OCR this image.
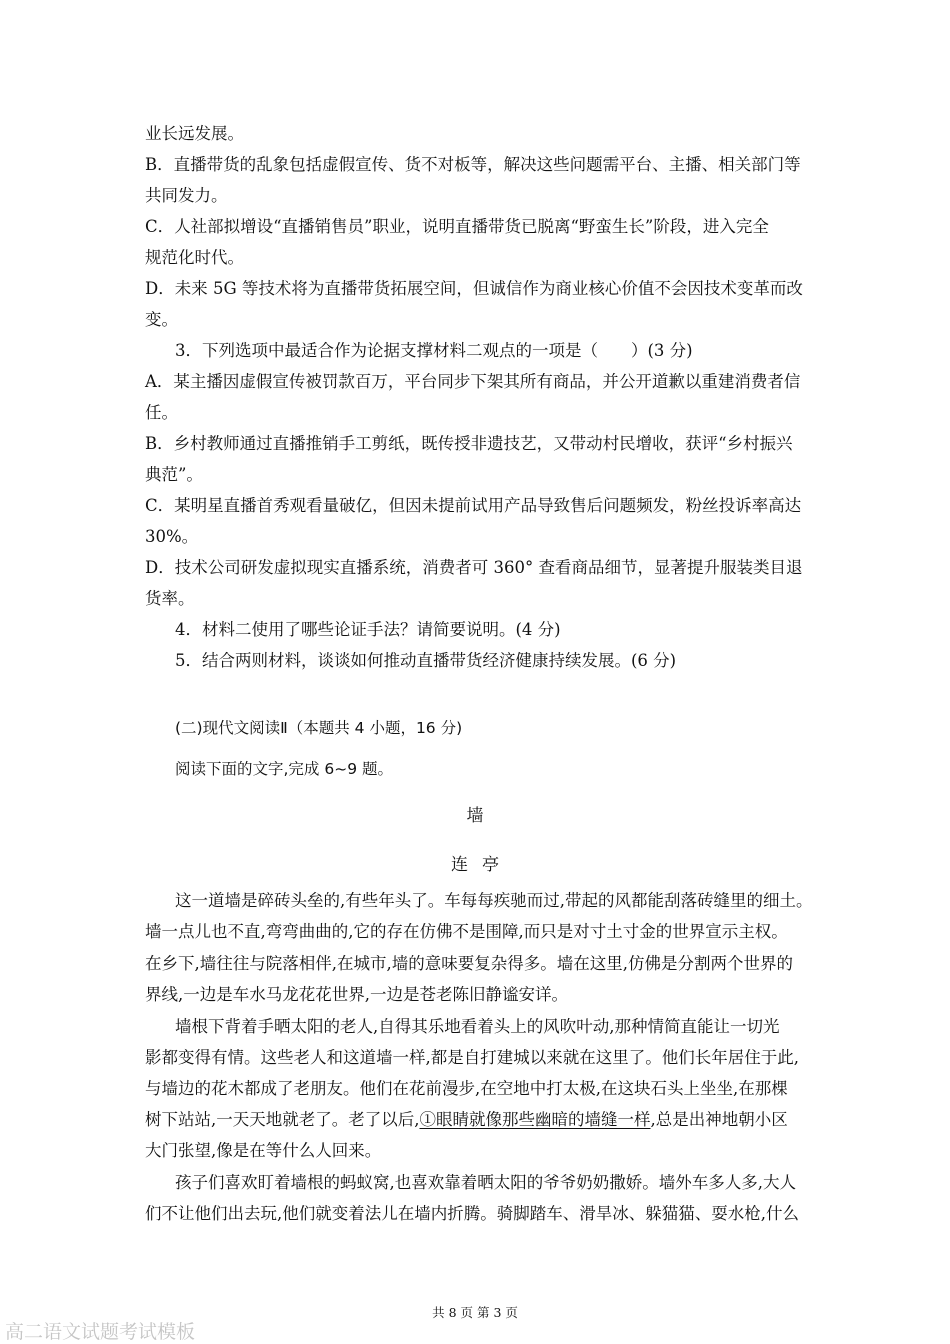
业长远发展。
B．直播带货的乱象包括虚假宣传、货不对板等，解决这些问题需平台、主播、相关部门等
共同发力。
C．人社部拟增设“直播销售员”职业，说明直播带货已脱离“野蛮生长”阶段，进入完全
规范化时代。
D．未来 5G 等技术将为直播带货拓展空间，但诚信作为商业核心价值不会因技术变革而改
变。
3．下列选项中最适合作为论据支撑材料二观点的一项是（　　）(3 分)
A．某主播因虚假宣传被罚款百万，平台同步下架其所有商品，并公开道歉以重建消费者信
任。
B．乡村教师通过直播推销手工剪纸，既传授非遗技艺，又带动村民增收，获评“乡村振兴
典范”。
C．某明星直播首秀观看量破亿，但因未提前试用产品导致售后问题频发，粉丝投诉率高达
30%。
D．技术公司研发虚拟现实直播系统，消费者可 360° 查看商品细节，显著提升服装类目退
货率。
4．材料二使用了哪些论证手法？请简要说明。(4 分)
5．结合两则材料，谈谈如何推动直播带货经济健康持续发展。(6 分)
(二)现代文阅读Ⅱ（本题共 4 小题，16 分)
阅读下面的文字,完成 6~9 题。
墙
连亭
这一道墙是碎砖头垒的,有些年头了。车每每疾驰而过,带起的风都能刮落砖缝里的细土。
墙一点儿也不直,弯弯曲曲的,它的存在仿佛不是围障,而只是对寸土寸金的世界宣示主权。
在乡下,墙往往与院落相伴,在城市,墙的意味要复杂得多。墙在这里,仿佛是分割两个世界的
界线,一边是车水马龙花花世界,一边是苍老陈旧静谧安详。
墙根下背着手晒太阳的老人,自得其乐地看着头上的风吹叶动,那种情简直能让一切光
影都变得有情。这些老人和这道墙一样,都是自打建城以来就在这里了。他们长年居住于此,
与墙边的花木都成了老朋友。他们在花前漫步,在空地中打太极,在这块石头上坐坐,在那棵
树下站站,一天天地就老了。老了以后,①眼睛就像那些幽暗的墙缝一样,总是出神地朝小区
大门张望,像是在等什么人回来。
孩子们喜欢盯着墙根的蚂蚁窝,也喜欢靠着晒太阳的爷爷奶奶撒娇。墙外车多人多,大人
们不让他们出去玩,他们就变着法儿在墙内折腾。骑脚踏车、滑旱冰、躲猫猫、耍水枪,什么
共 8 页 第 3 页
高二语文试题考试模板
